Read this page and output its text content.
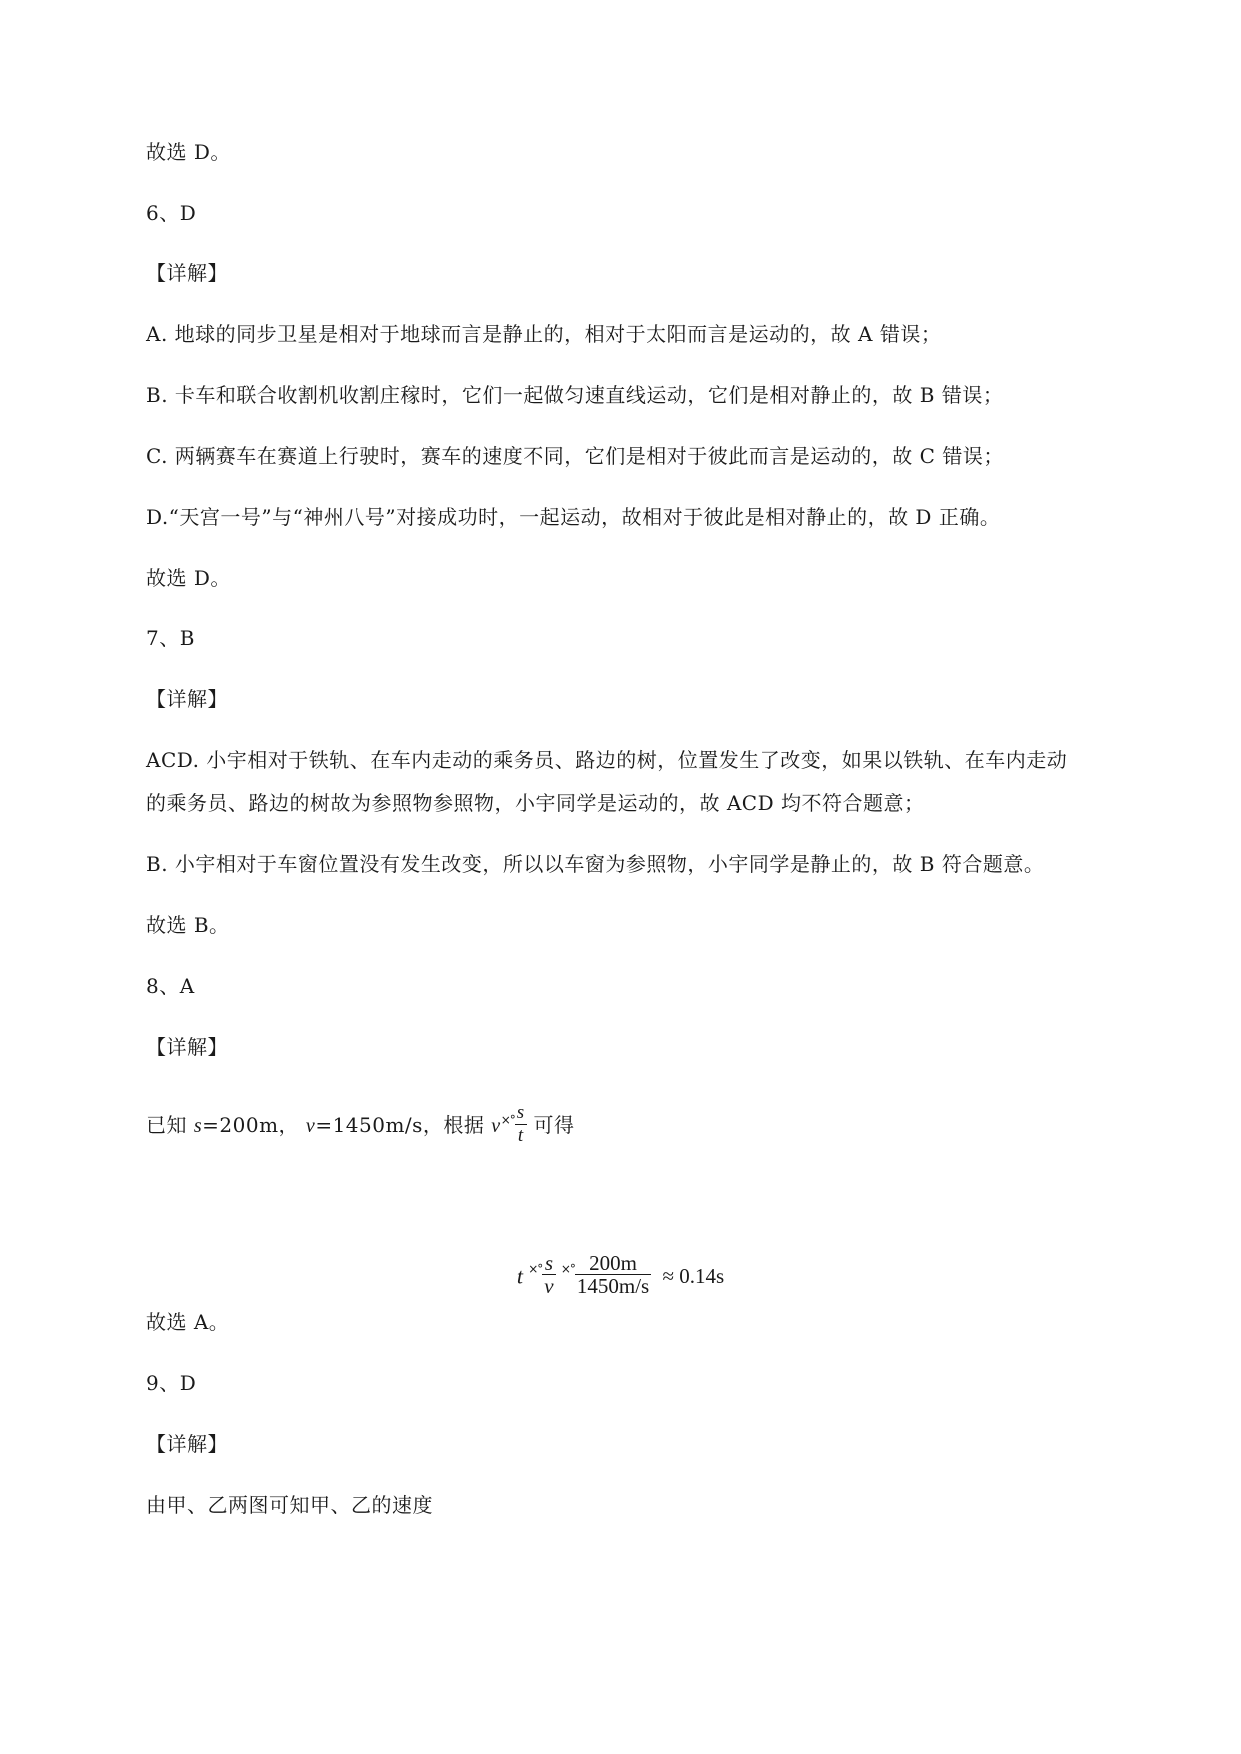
故选 D。
6、D
【详解】
A. 地球的同步卫星是相对于地球而言是静止的，相对于太阳而言是运动的，故 A 错误；
B. 卡车和联合收割机收割庄稼时，它们一起做匀速直线运动，它们是相对静止的，故 B 错误；
C. 两辆赛车在赛道上行驶时，赛车的速度不同，它们是相对于彼此而言是运动的，故 C 错误；
D.“天宫一号”与“神州八号”对接成功时，一起运动，故相对于彼此是相对静止的，故 D 正确。
故选 D。
7、B
【详解】
ACD. 小宇相对于铁轨、在车内走动的乘务员、路边的树，位置发生了改变，如果以铁轨、在车内走动
的乘务员、路边的树故为参照物参照物，小宇同学是运动的，故 ACD 均不符合题意；
B. 小宇相对于车窗位置没有发生改变，所以以车窗为参照物，小宇同学是静止的，故 B 符合题意。
故选 B。
8、A
【详解】
已知 s=200m， v=1450m/s，根据 $v^{\times^\circ} \frac{s}{t}$ 可得
t $^{\times^\circ} \frac{s}{v} ^{\times^\circ} \frac{200m}{1450m/s} \approx 0.14s$
故选 A。
9、D
【详解】
由甲、乙两图可知甲、乙的速度
